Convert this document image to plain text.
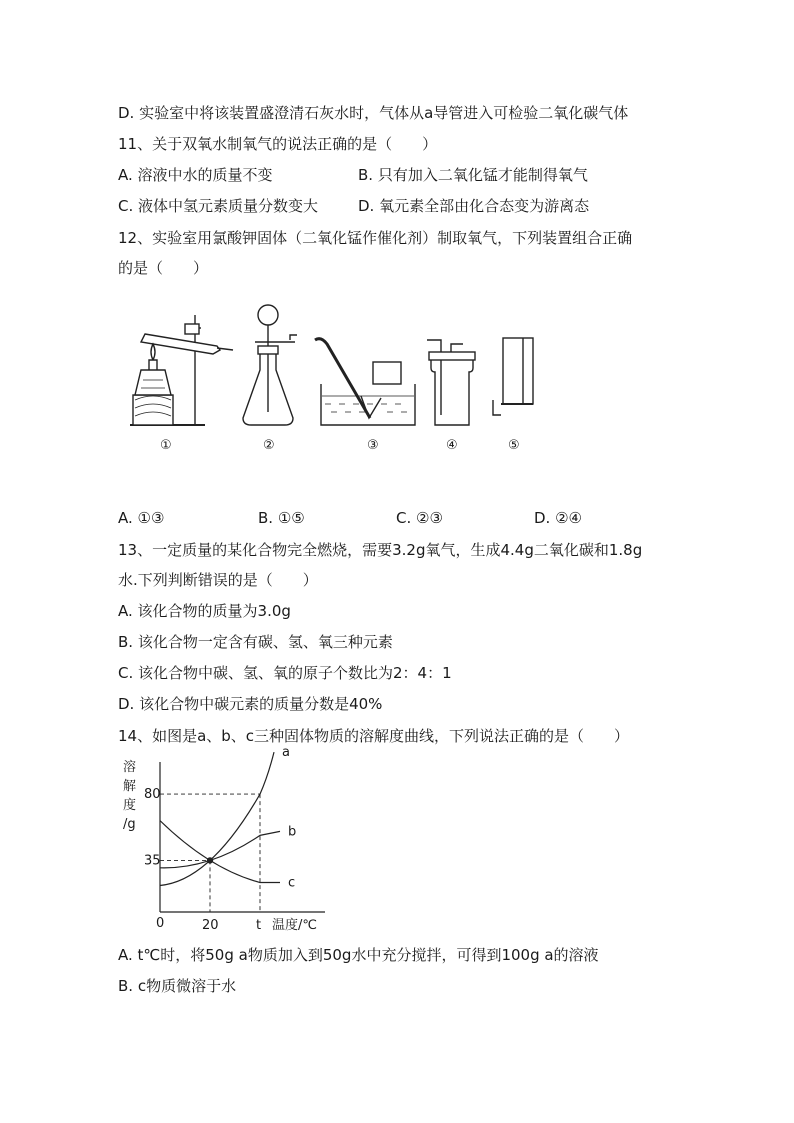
D. 实验室中将该装置盛澄清石灰水时，气体从a导管进入可检验二氧化碳气体
11、关于双氧水制氧气的说法正确的是（　　）
A. 溶液中水的质量不变	B. 只有加入二氧化锰才能制得氧气
C. 液体中氢元素质量分数变大	D. 氧元素全部由化合态变为游离态
12、实验室用氯酸钾固体（二氧化锰作催化剂）制取氧气，下列装置组合正确
的是（　　）
①	②	③	④	⑤
A. ①③	B. ①⑤	C. ②③	D. ②④
13、一定质量的某化合物完全燃烧，需要3.2g氧气，生成4.4g二氧化碳和1.8g
水.下列判断错误的是（　　）
A. 该化合物的质量为3.0g
B. 该化合物一定含有碳、氢、氧三种元素
C. 该化合物中碳、氢、氧的原子个数比为2：4：1
D. 该化合物中碳元素的质量分数是40%
14、如图是a、b、c三种固体物质的溶解度曲线，下列说法正确的是（　　）
a
b
c
溶
解
度
/g
80
35
0	20	t 温度/℃
A. t℃时，将50g a物质加入到50g水中充分搅拌，可得到100g a的溶液
B. c物质微溶于水
